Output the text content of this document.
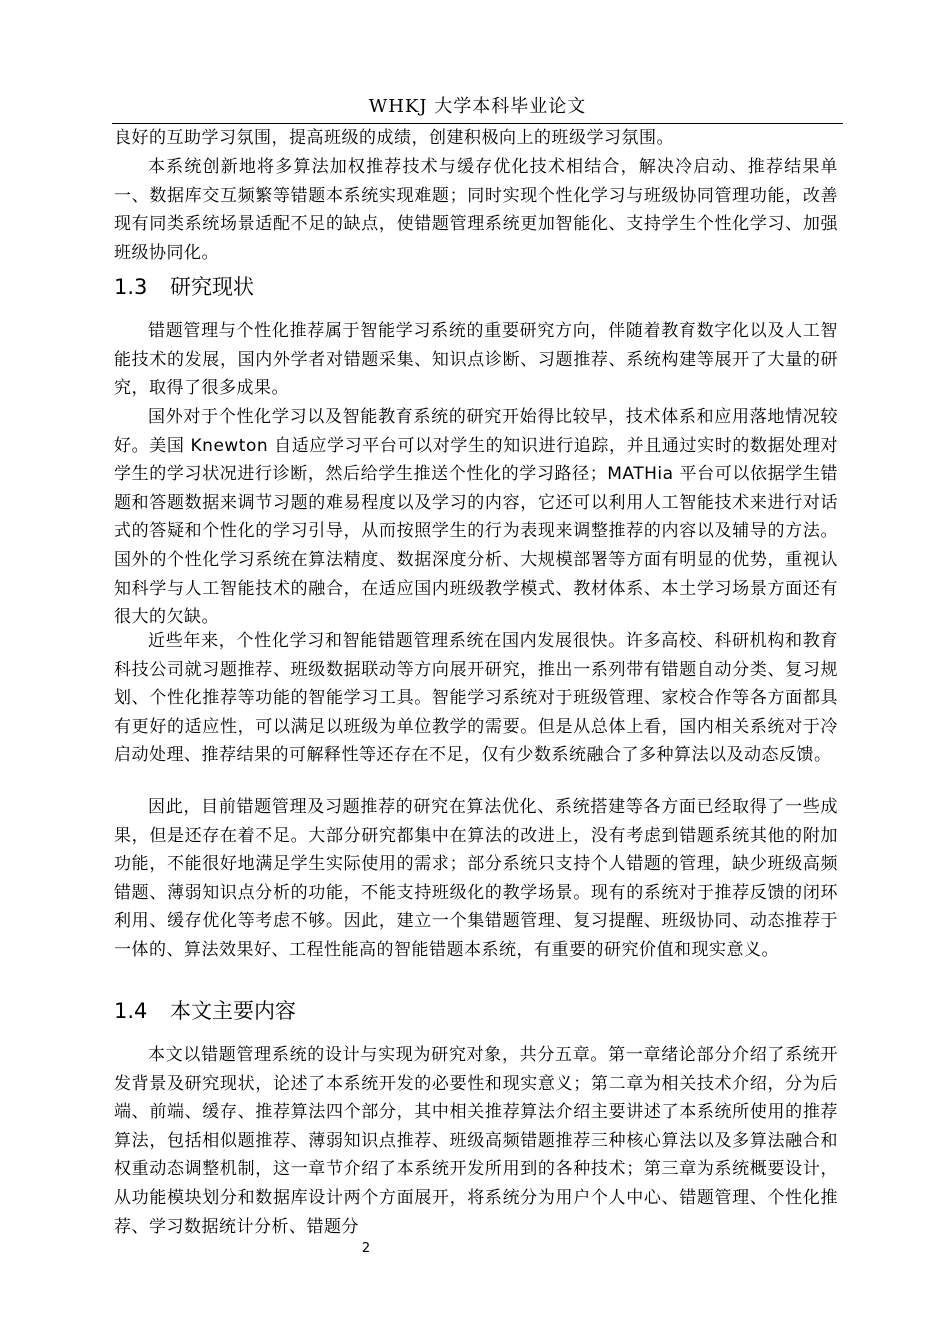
WHKJ 大学本科毕业论文

良好的互助学习氛围，提高班级的成绩，创建积极向上的班级学习氛围。

本系统创新地将多算法加权推荐技术与缓存优化技术相结合，解决冷启动、推荐结果单一、数据库交互频繁等错题本系统实现难题；同时实现个性化学习与班级协同管理功能，改善现有同类系统场景适配不足的缺点，使错题管理系统更加智能化、支持学生个性化学习、加强班级协同化。

1.3 研究现状

错题管理与个性化推荐属于智能学习系统的重要研究方向，伴随着教育数字化以及人工智能技术的发展，国内外学者对错题采集、知识点诊断、习题推荐、系统构建等展开了大量的研究，取得了很多成果。

国外对于个性化学习以及智能教育系统的研究开始得比较早，技术体系和应用落地情况较好。美国 Knewton 自适应学习平台可以对学生的知识进行追踪，并且通过实时的数据处理对学生的学习状况进行诊断，然后给学生推送个性化的学习路径；MATHia 平台可以依据学生错题和答题数据来调节习题的难易程度以及学习的内容，它还可以利用人工智能技术来进行对话式的答疑和个性化的学习引导，从而按照学生的行为表现来调整推荐的内容以及辅导的方法。国外的个性化学习系统在算法精度、数据深度分析、大规模部署等方面有明显的优势，重视认知科学与人工智能技术的融合，在适应国内班级教学模式、教材体系、本土学习场景方面还有很大的欠缺。

近些年来，个性化学习和智能错题管理系统在国内发展很快。许多高校、科研机构和教育科技公司就习题推荐、班级数据联动等方向展开研究，推出一系列带有错题自动分类、复习规划、个性化推荐等功能的智能学习工具。智能学习系统对于班级管理、家校合作等各方面都具有更好的适应性，可以满足以班级为单位教学的需要。但是从总体上看，国内相关系统对于冷启动处理、推荐结果的可解释性等还存在不足，仅有少数系统融合了多种算法以及动态反馈。

因此，目前错题管理及习题推荐的研究在算法优化、系统搭建等各方面已经取得了一些成果，但是还存在着不足。大部分研究都集中在算法的改进上，没有考虑到错题系统其他的附加功能，不能很好地满足学生实际使用的需求；部分系统只支持个人错题的管理，缺少班级高频错题、薄弱知识点分析的功能，不能支持班级化的教学场景。现有的系统对于推荐反馈的闭环利用、缓存优化等考虑不够。因此，建立一个集错题管理、复习提醒、班级协同、动态推荐于一体的、算法效果好、工程性能高的智能错题本系统，有重要的研究价值和现实意义。

1.4 本文主要内容

本文以错题管理系统的设计与实现为研究对象，共分五章。第一章绪论部分介绍了系统开发背景及研究现状，论述了本系统开发的必要性和现实意义；第二章为相关技术介绍，分为后端、前端、缓存、推荐算法四个部分，其中相关推荐算法介绍主要讲述了本系统所使用的推荐算法，包括相似题推荐、薄弱知识点推荐、班级高频错题推荐三种核心算法以及多算法融合和权重动态调整机制，这一章节介绍了本系统开发所用到的各种技术；第三章为系统概要设计，从功能模块划分和数据库设计两个方面展开，将系统分为用户个人中心、错题管理、个性化推荐、学习数据统计分析、错题分

2
